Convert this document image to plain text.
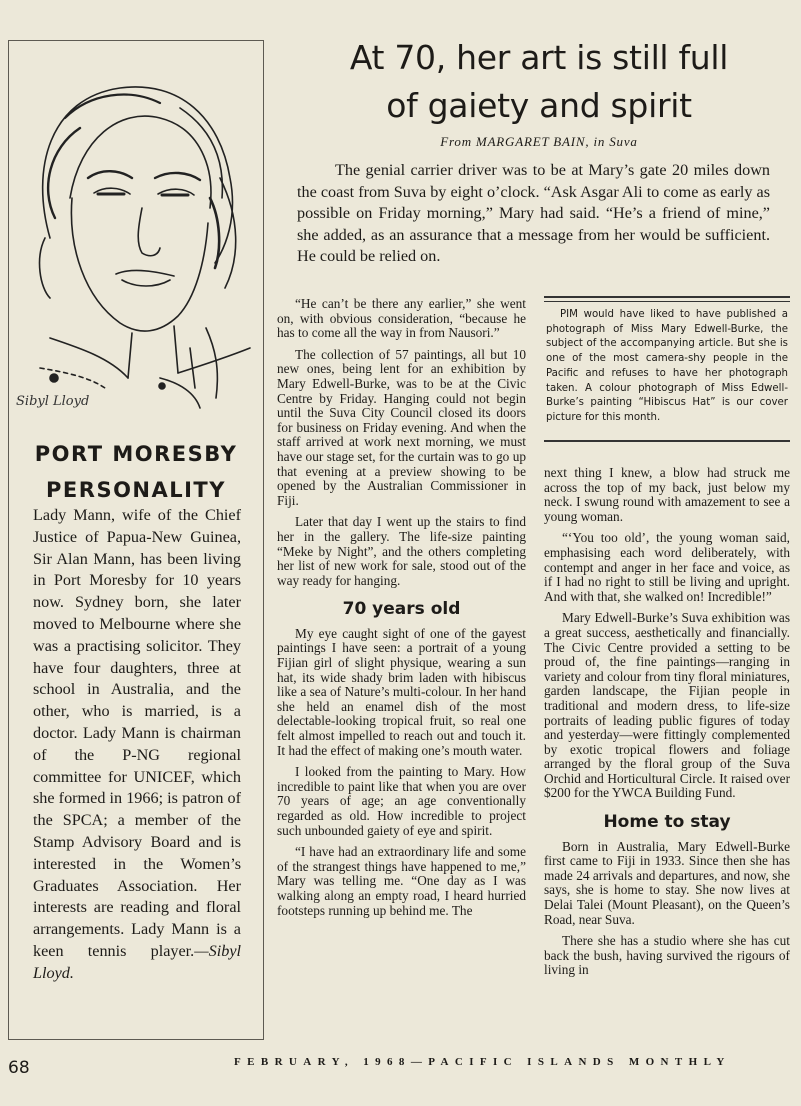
Sibyl Lloyd
PORT MORESBY
PERSONALITY

Lady Mann, wife of the Chief Justice of Papua-New Guinea, Sir Alan Mann, has been living in Port Moresby for 10 years now. Sydney born, she later moved to Melbourne where she was a practising solicitor. They have four daughters, three at school in Australia, and the other, who is married, is a doctor. Lady Mann is chairman of the P-NG regional committee for UNICEF, which she formed in 1966; is patron of the SPCA; a member of the Stamp Advisory Board and is interested in the Women’s Graduates Association. Her interests are reading and floral arrangements. Lady Mann is a keen tennis player.—Sibyl Lloyd.

At 70, her art is still full
of gaiety and spirit
From MARGARET BAIN, in Suva

The genial carrier driver was to be at Mary’s gate 20 miles down the coast from Suva by eight o’clock. “Ask Asgar Ali to come as early as possible on Friday morning,” Mary had said. “He’s a friend of mine,” she added, as an assurance that a message from her would be sufficient. He could be relied on.

“He can’t be there any earlier,” she went on, with obvious consideration, “because he has to come all the way in from Nausori.”

The collection of 57 paintings, all but 10 new ones, being lent for an exhibition by Mary Edwell-Burke, was to be at the Civic Centre by Friday. Hanging could not begin until the Suva City Council closed its doors for business on Friday evening. And when the staff arrived at work next morning, we must have our stage set, for the curtain was to go up that evening at a preview showing to be opened by the Australian Commissioner in Fiji.

Later that day I went up the stairs to find her in the gallery. The life-size painting “Meke by Night”, and the others completing her list of new work for sale, stood out of the way ready for hanging.

70 years old

My eye caught sight of one of the gayest paintings I have seen: a portrait of a young Fijian girl of slight physique, wearing a sun hat, its wide shady brim laden with hibiscus like a sea of Nature’s multi-colour. In her hand she held an enamel dish of the most delectable-looking tropical fruit, so real one felt almost impelled to reach out and touch it. It had the effect of making one’s mouth water.

I looked from the painting to Mary. How incredible to paint like that when you are over 70 years of age; an age conventionally regarded as old. How incredible to project such unbounded gaiety of eye and spirit.

“I have had an extraordinary life and some of the strangest things have happened to me,” Mary was telling me. “One day as I was walking along an empty road, I heard hurried footsteps running up behind me. The

PIM would have liked to have published a photograph of Miss Mary Edwell-Burke, the subject of the accompanying article. But she is one of the most camera-shy people in the Pacific and refuses to have her photograph taken. A colour photograph of Miss Edwell-Burke’s painting “Hibiscus Hat” is our cover picture for this month.

next thing I knew, a blow had struck me across the top of my back, just below my neck. I swung round with amazement to see a young woman.

“‘You too old’, the young woman said, emphasising each word deliberately, with contempt and anger in her face and voice, as if I had no right to still be living and upright. And with that, she walked on! Incredible!”

Mary Edwell-Burke’s Suva exhibition was a great success, aesthetically and financially. The Civic Centre provided a setting to be proud of, the fine paintings—ranging in variety and colour from tiny floral miniatures, garden landscape, the Fijian people in traditional and modern dress, to life-size portraits of leading public figures of today and yesterday—were fittingly complemented by exotic tropical flowers and foliage arranged by the floral group of the Suva Orchid and Horticultural Circle. It raised over $200 for the YWCA Building Fund.

Home to stay

Born in Australia, Mary Edwell-Burke first came to Fiji in 1933. Since then she has made 24 arrivals and departures, and now, she says, she is home to stay. She now lives at Delai Talei (Mount Pleasant), on the Queen’s Road, near Suva.

There she has a studio where she has cut back the bush, having survived the rigours of living in

68	FEBRUARY, 1968—PACIFIC ISLANDS MONTHLY
